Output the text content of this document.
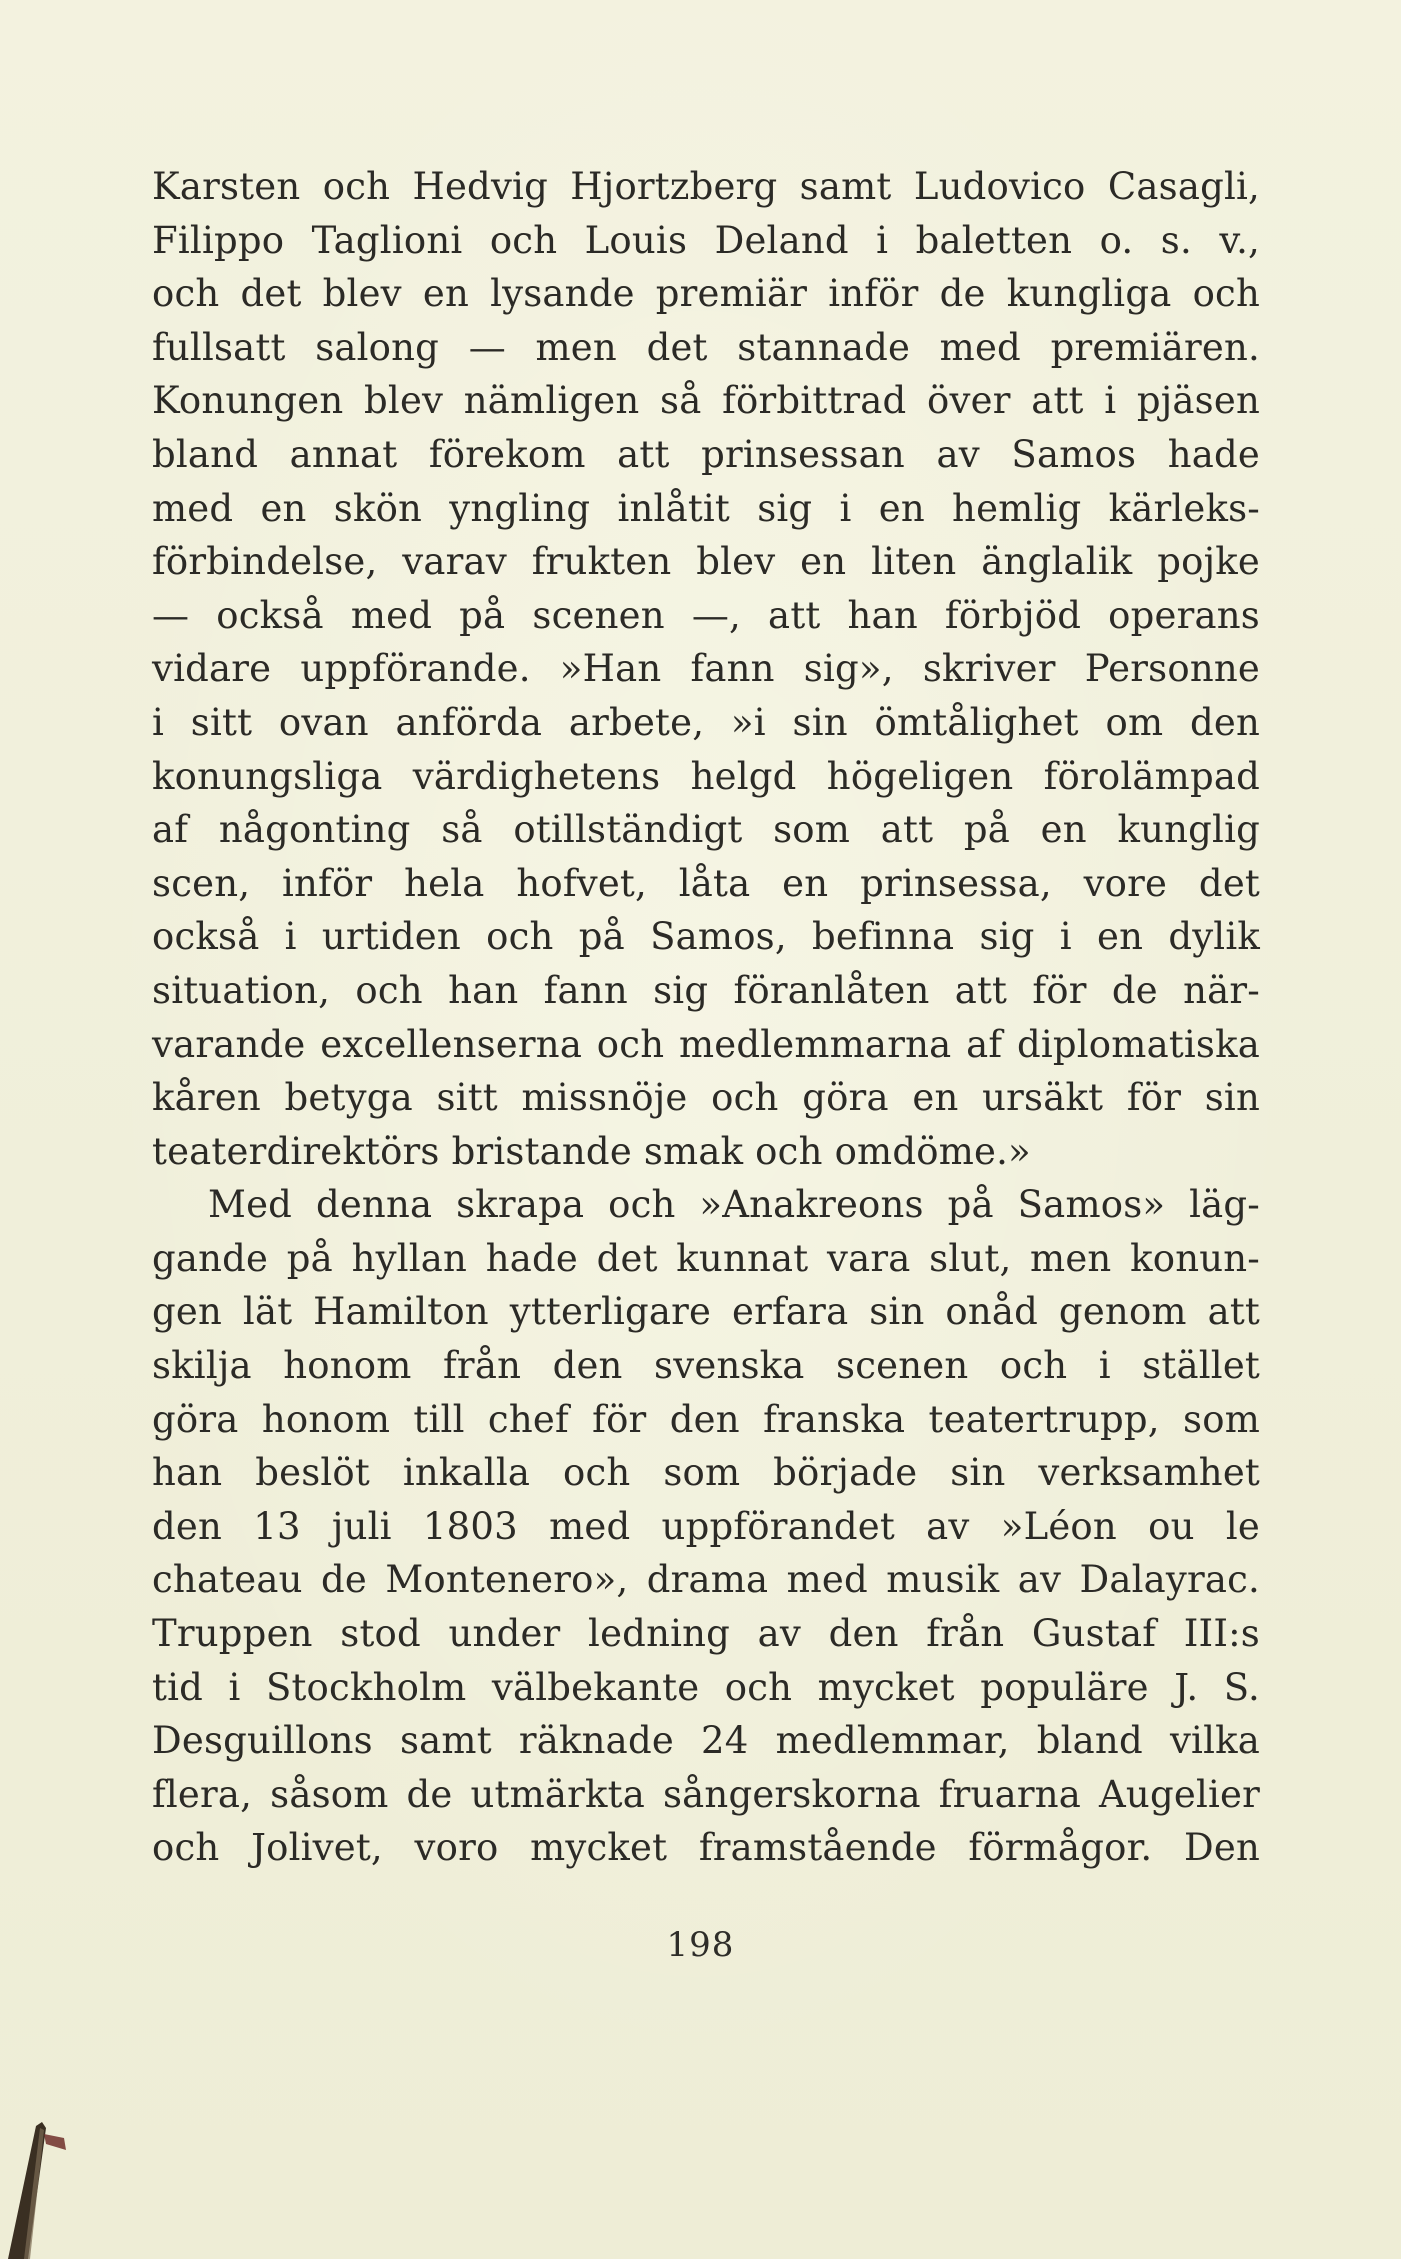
Karsten och Hedvig Hjortzberg samt Ludovico Casagli,
Filippo Taglioni och Louis Deland i baletten o. s. v.,
och det blev en lysande premiär inför de kungliga och
fullsatt salong — men det stannade med premiären.
Konungen blev nämligen så förbittrad över att i pjäsen
bland annat förekom att prinsessan av Samos hade
med en skön yngling inlåtit sig i en hemlig kärleks-
förbindelse, varav frukten blev en liten änglalik pojke
— också med på scenen —, att han förbjöd operans
vidare uppförande. »Han fann sig», skriver Personne
i sitt ovan anförda arbete, »i sin ömtålighet om den
konungsliga värdighetens helgd högeligen förolämpad
af någonting så otillständigt som att på en kunglig
scen, inför hela hofvet, låta en prinsessa, vore det
också i urtiden och på Samos, befinna sig i en dylik
situation, och han fann sig föranlåten att för de när-
varande excellenserna och medlemmarna af diplomatiska
kåren betyga sitt missnöje och göra en ursäkt för sin
teaterdirektörs bristande smak och omdöme.»
Med denna skrapa och »Anakreons på Samos» läg-
gande på hyllan hade det kunnat vara slut, men konun-
gen lät Hamilton ytterligare erfara sin onåd genom att
skilja honom från den svenska scenen och i stället
göra honom till chef för den franska teatertrupp, som
han beslöt inkalla och som började sin verksamhet
den 13 juli 1803 med uppförandet av »Léon ou le
chateau de Montenero», drama med musik av Dalayrac.
Truppen stod under ledning av den från Gustaf III:s
tid i Stockholm välbekante och mycket populäre J. S.
Desguillons samt räknade 24 medlemmar, bland vilka
flera, såsom de utmärkta sångerskorna fruarna Augelier
och Jolivet, voro mycket framstående förmågor. Den
198
